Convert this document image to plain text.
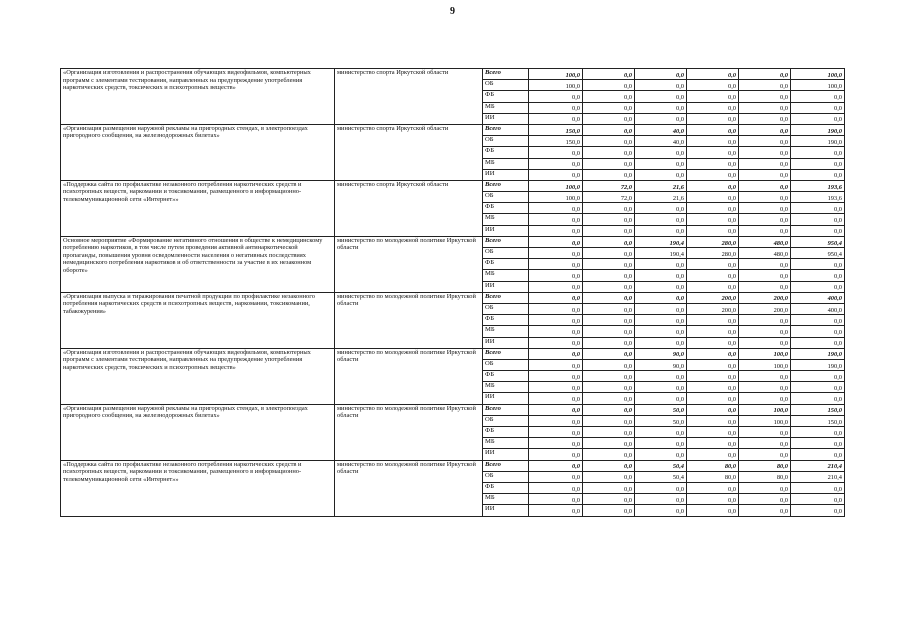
9
«Организация изготовления и распространения обучающих видеофильмов, компьютерных программ с элементами тестирования, направленных на предупреждение употребления наркотических средств, токсических и психотропных веществ»	министерство спорта Иркутской области	Всего	100,0	0,0	0,0	0,0	0,0	100,0
		ОБ	100,0	0,0	0,0	0,0	0,0	100,0
		ФБ	0,0	0,0	0,0	0,0	0,0	0,0
		МБ	0,0	0,0	0,0	0,0	0,0	0,0
		ИИ	0,0	0,0	0,0	0,0	0,0	0,0
«Организация размещения наружной рекламы на пригородных стендах, в электропоездах пригородного сообщения, на железнодорожных билетах»	министерство спорта Иркутской области	Всего	150,0	0,0	40,0	0,0	0,0	190,0
		ОБ	150,0	0,0	40,0	0,0	0,0	190,0
		ФБ	0,0	0,0	0,0	0,0	0,0	0,0
		МБ	0,0	0,0	0,0	0,0	0,0	0,0
		ИИ	0,0	0,0	0,0	0,0	0,0	0,0
«Поддержка сайта по профилактике незаконного потребления наркотических средств и психотропных веществ, наркомании и токсикомании, размещенного в информационно-телекоммуникационной сети «Интернет»»	министерство спорта Иркутской области	Всего	100,0	72,0	21,6	0,0	0,0	193,6
		ОБ	100,0	72,0	21,6	0,0	0,0	193,6
		ФБ	0,0	0,0	0,0	0,0	0,0	0,0
		МБ	0,0	0,0	0,0	0,0	0,0	0,0
		ИИ	0,0	0,0	0,0	0,0	0,0	0,0
Основное мероприятие «Формирование негативного отношения в обществе к немедицинскому потреблению наркотиков, в том числе путем проведения активной антинаркотической пропаганды, повышения уровня осведомленности населения о негативных последствиях немедицинского потребления наркотиков и об ответственности за участие в их незаконном обороте»	министерство по молодежной политике Иркутской области	Всего	0,0	0,0	190,4	280,0	480,0	950,4
		ОБ	0,0	0,0	190,4	280,0	480,0	950,4
		ФБ	0,0	0,0	0,0	0,0	0,0	0,0
		МБ	0,0	0,0	0,0	0,0	0,0	0,0
		ИИ	0,0	0,0	0,0	0,0	0,0	0,0
«Организация выпуска и тиражирования печатной продукции по профилактике незаконного потребления наркотических средств и психотропных веществ, наркомании, токсикомании, табакокурения»	министерство по молодежной политике Иркутской области	Всего	0,0	0,0	0,0	200,0	200,0	400,0
		ОБ	0,0	0,0	0,0	200,0	200,0	400,0
		ФБ	0,0	0,0	0,0	0,0	0,0	0,0
		МБ	0,0	0,0	0,0	0,0	0,0	0,0
		ИИ	0,0	0,0	0,0	0,0	0,0	0,0
«Организация изготовления и распространения обучающих видеофильмов, компьютерных программ с элементами тестирования, направленных на предупреждение употребления наркотических средств, токсических и психотропных веществ»	министерство по молодежной политике Иркутской области	Всего	0,0	0,0	90,0	0,0	100,0	190,0
		ОБ	0,0	0,0	90,0	0,0	100,0	190,0
		ФБ	0,0	0,0	0,0	0,0	0,0	0,0
		МБ	0,0	0,0	0,0	0,0	0,0	0,0
		ИИ	0,0	0,0	0,0	0,0	0,0	0,0
«Организация размещения наружной рекламы на пригородных стендах, в электропоездах пригородного сообщения, на железнодорожных билетах»	министерство по молодежной политике Иркутской области	Всего	0,0	0,0	50,0	0,0	100,0	150,0
		ОБ	0,0	0,0	50,0	0,0	100,0	150,0
		ФБ	0,0	0,0	0,0	0,0	0,0	0,0
		МБ	0,0	0,0	0,0	0,0	0,0	0,0
		ИИ	0,0	0,0	0,0	0,0	0,0	0,0
«Поддержка сайта по профилактике незаконного потребления наркотических средств и психотропных веществ, наркомании и токсикомании, размещенного в информационно-телекоммуникационной сети «Интернет»»	министерство по молодежной политике Иркутской области	Всего	0,0	0,0	50,4	80,0	80,0	210,4
		ОБ	0,0	0,0	50,4	80,0	80,0	210,4
		ФБ	0,0	0,0	0,0	0,0	0,0	0,0
		МБ	0,0	0,0	0,0	0,0	0,0	0,0
		ИИ	0,0	0,0	0,0	0,0	0,0	0,0
